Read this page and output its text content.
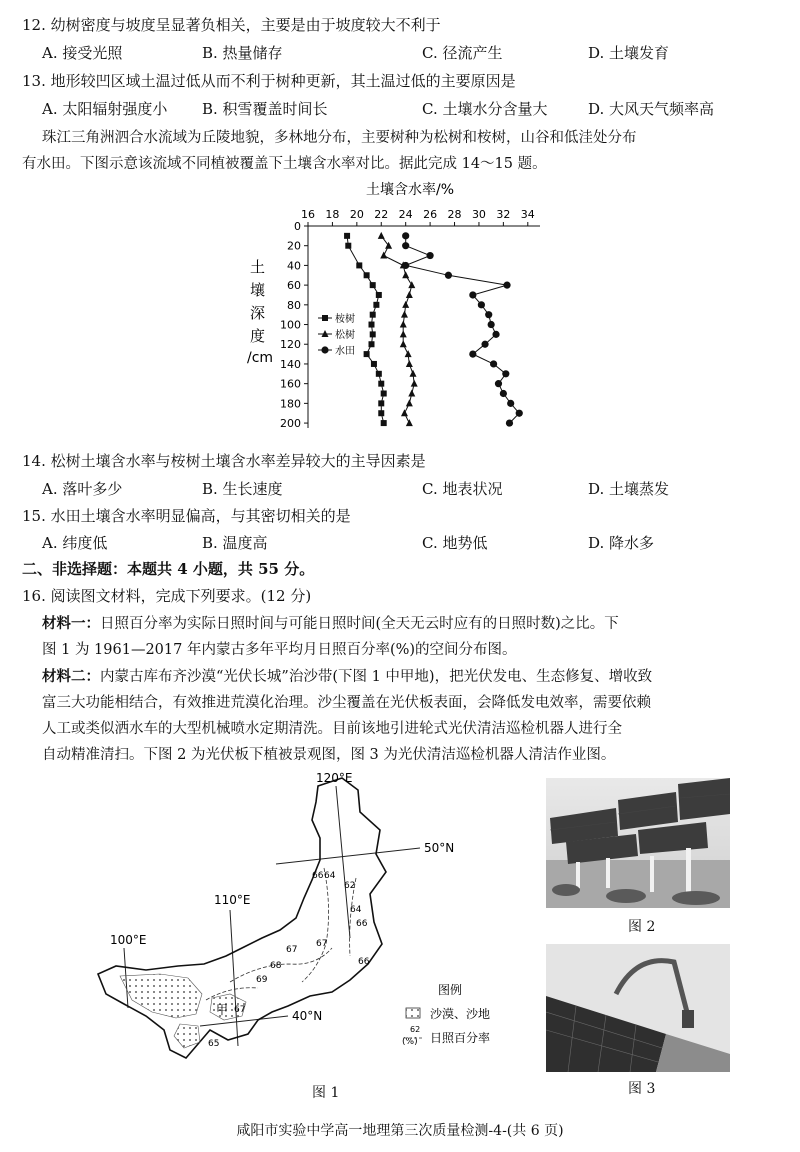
12. 幼树密度与坡度呈显著负相关，主要是由于坡度较大不利于
A. 接受光照	B. 热量储存	C. 径流产生	D. 土壤发育
13. 地形较凹区域土温过低从而不利于树种更新，其土温过低的主要原因是
A. 太阳辐射强度小 B. 积雪覆盖时间长	C. 土壤水分含量大	D. 大风天气频率高
珠江三角洲泗合水流域为丘陵地貌，多林地分布，主要树种为松树和桉树，山谷和低洼处分布
有水田。下图示意该流域不同植被覆盖下土壤含水率对比。据此完成 14～15 题。
土壤含水率/%
16 18 20 22 24 26 28 30 32 34
0
20
40
60
80
100
120
140
160
180
200
土
壤
深
度
/cm
桉树
松树
水田
14. 松树土壤含水率与桉树土壤含水率差异较大的主导因素是
A. 落叶多少	B. 生长速度	C. 地表状况	D. 土壤蒸发
15. 水田土壤含水率明显偏高，与其密切相关的是
A. 纬度低	B. 温度高	C. 地势低	D. 降水多
二、非选择题：本题共 4 小题，共 55 分。
16. 阅读图文材料，完成下列要求。(12 分)
材料一：日照百分率为实际日照时间与可能日照时间(全天无云时应有的日照时数)之比。下
图 1 为 1961—2017 年内蒙古多年平均月日照百分率(%)的空间分布图。
材料二：内蒙古库布齐沙漠“光伏长城”治沙带(下图 1 中甲地)，把光伏发电、生态修复、增收致
富三大功能相结合，有效推进荒漠化治理。沙尘覆盖在光伏板表面，会降低发电效率，需要依赖
人工或类似洒水车的大型机械喷水定期清洗。目前该地引进轮式光伏清洁巡检机器人进行全
自动精准清扫。下图 2 为光伏板下植被景观图，图 3 为光伏清洁巡检机器人清洁作业图。
66 64
62
64
66
66
67
67
68
69
67
65
甲
120°E
50°N
110°E
100°E
40°N
图例
沙漠、沙地
62
(%) 日照百分率
图 1
图 2
图 3
咸阳市实验中学高一地理第三次质量检测-4-(共 6 页)
